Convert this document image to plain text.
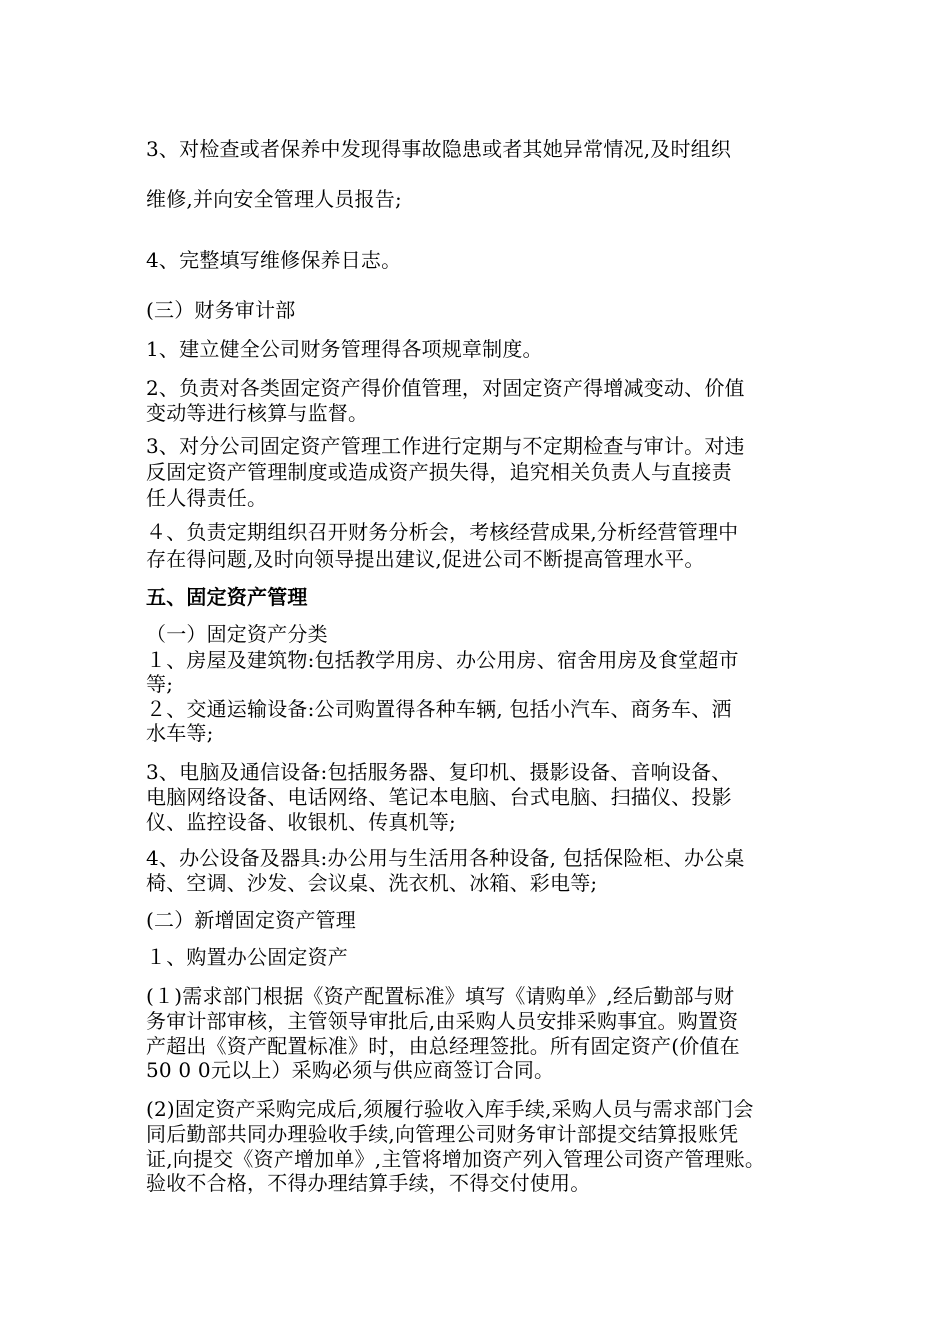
3、对检查或者保养中发现得事故隐患或者其她异常情况,及时组织
维修,并向安全管理人员报告;
4、完整填写维修保养日志。
(三）财务审计部
1、建立健全公司财务管理得各项规章制度。
2、负责对各类固定资产得价值管理，对固定资产得增减变动、价值
变动等进行核算与监督。
3、对分公司固定资产管理工作进行定期与不定期检查与审计。对违
反固定资产管理制度或造成资产损失得，追究相关负责人与直接责
任人得责任。
４、负责定期组织召开财务分析会，考核经营成果,分析经营管理中
存在得问题,及时向领导提出建议,促进公司不断提高管理水平。
五、固定资产管理
（一）固定资产分类
１、房屋及建筑物:包括教学用房、办公用房、宿舍用房及食堂超市
等;
２、交通运输设备:公司购置得各种车辆, 包括小汽车、商务车、洒
水车等;
3、电脑及通信设备:包括服务器、复印机、摄影设备、音响设备、
电脑网络设备、电话网络、笔记本电脑、台式电脑、扫描仪、投影
仪、监控设备、收银机、传真机等;
4、办公设备及器具:办公用与生活用各种设备, 包括保险柜、办公桌
椅、空调、沙发、会议桌、洗衣机、冰箱、彩电等;
(二）新增固定资产管理
１、购置办公固定资产
(１)需求部门根据《资产配置标准》填写《请购单》,经后勤部与财
务审计部审核，主管领导审批后,由采购人员安排采购事宜。购置资
产超出《资产配置标准》时，由总经理签批。所有固定资产(价值在
50 0 0元以上）采购必须与供应商签订合同。
(2)固定资产采购完成后,须履行验收入库手续,采购人员与需求部门会
同后勤部共同办理验收手续,向管理公司财务审计部提交结算报账凭
证,向提交《资产增加单》,主管将增加资产列入管理公司资产管理账。
验收不合格，不得办理结算手续，不得交付使用。
